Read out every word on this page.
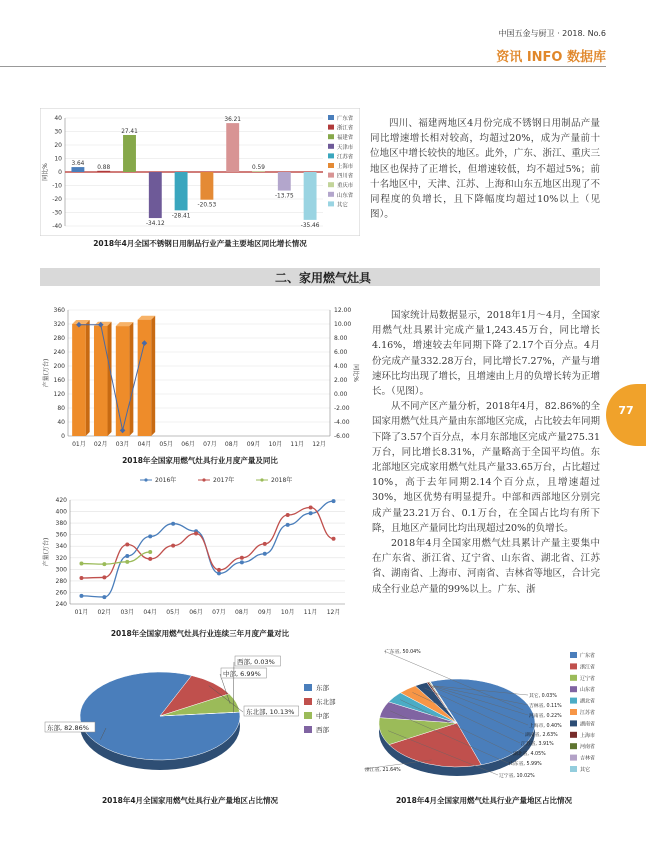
中国五金与厨卫 · 2018. No.6
资讯 INFO 数据库
40
30
20
10
0
-10
-20
-30
-40
同比%	3.64
0.88
27.41
-34.12
-28.41
-20.53
36.21
0.59
-13.75
-35.46
广东省
浙江省
福建省
天津市
江苏省
上海市
四川省
重庆市
山东省
其它
2018年4月全国不锈钢日用制品行业产量主要地区同比增长情况

四川、福建两地区4月份完成不锈钢日用制品产量同比增速增长相对较高，均超过20%，成为产量前十位地区中增长较快的地区。此外，广东、浙江、重庆三地区也保持了正增长，但增速较低，均不超过5%；前十名地区中，天津、江苏、上海和山东五地区出现了不同程度的负增长，且下降幅度均超过10%以上（见图）。

二、家用燃气灶具
360
320
280
240
200
160
120
80
40
0
12.00
10.00
8.00
6.00
4.00
2.00
0.00
-2.00
-4.00
-6.00
产量(万台)	同比%
01月 02月 03月 04月 05月 06月 07月 08月 09月 10月 11月 12月
2018年全国家用燃气灶具行业月度产量及同比
2016年	2017年	2018年
420
400
380
360
340
320
300
280
260
240
产量(万台)
01月 02月 03月 04月 05月 06月 07月 08月 09月 10月 11月 12月
2018年全国家用燃气灶具行业连续三年月度产量对比

国家统计局数据显示，2018年1月～4月，全国家用燃气灶具累计完成产量1,243.45万台，同比增长4.16%，增速较去年同期下降了2.17个百分点。4月份完成产量332.28万台，同比增长7.27%，产量与增速环比均出现了增长，且增速由上月的负增长转为正增长。（见图）。

从不同产区产量分析，2018年4月，82.86%的全国家用燃气灶具产量由东部地区完成，占比较去年同期下降了3.57个百分点，本月东部地区完成产量275.31万台，同比增长8.31%，产量略高于全国平均值。东北部地区完成家用燃气灶具产量33.65万台，占比超过10%，高于去年同期2.14个百分点，且增速超过30%，地区优势有明显提升。中部和西部地区分别完成产量23.21万台、0.1万台，在全国占比均有所下降，且地区产量同比均出现超过20%的负增长。

2018年4月全国家用燃气灶具累计产量主要集中在广东省、浙江省、辽宁省、山东省、湖北省、江苏省、湖南省、上海市、河南省、吉林省等地区，合计完成全行业总产量的99%以上。广东、浙

77
东部, 82.86%
东北部, 10.13%
中部, 6.99%
西部, 0.03%
东部
东北部
中部
西部
2018年4月全国家用燃气灶具行业产量地区占比情况
广东省, 50.04%
浙江省, 21.64%
辽宁省, 10.02%
山东省, 5.99%
湖北省, 4.05%
江苏省, 3.91%
湖南省, 2.63%
上海市, 0.40%
河南省, 0.22%
吉林省, 0.11%
其它, 0.03%
广东省
浙江省
辽宁省
山东省
湖北省
江苏省
湖南省
上海市
河南省
吉林省
其它
2018年4月全国家用燃气灶具行业产量地区占比情况
